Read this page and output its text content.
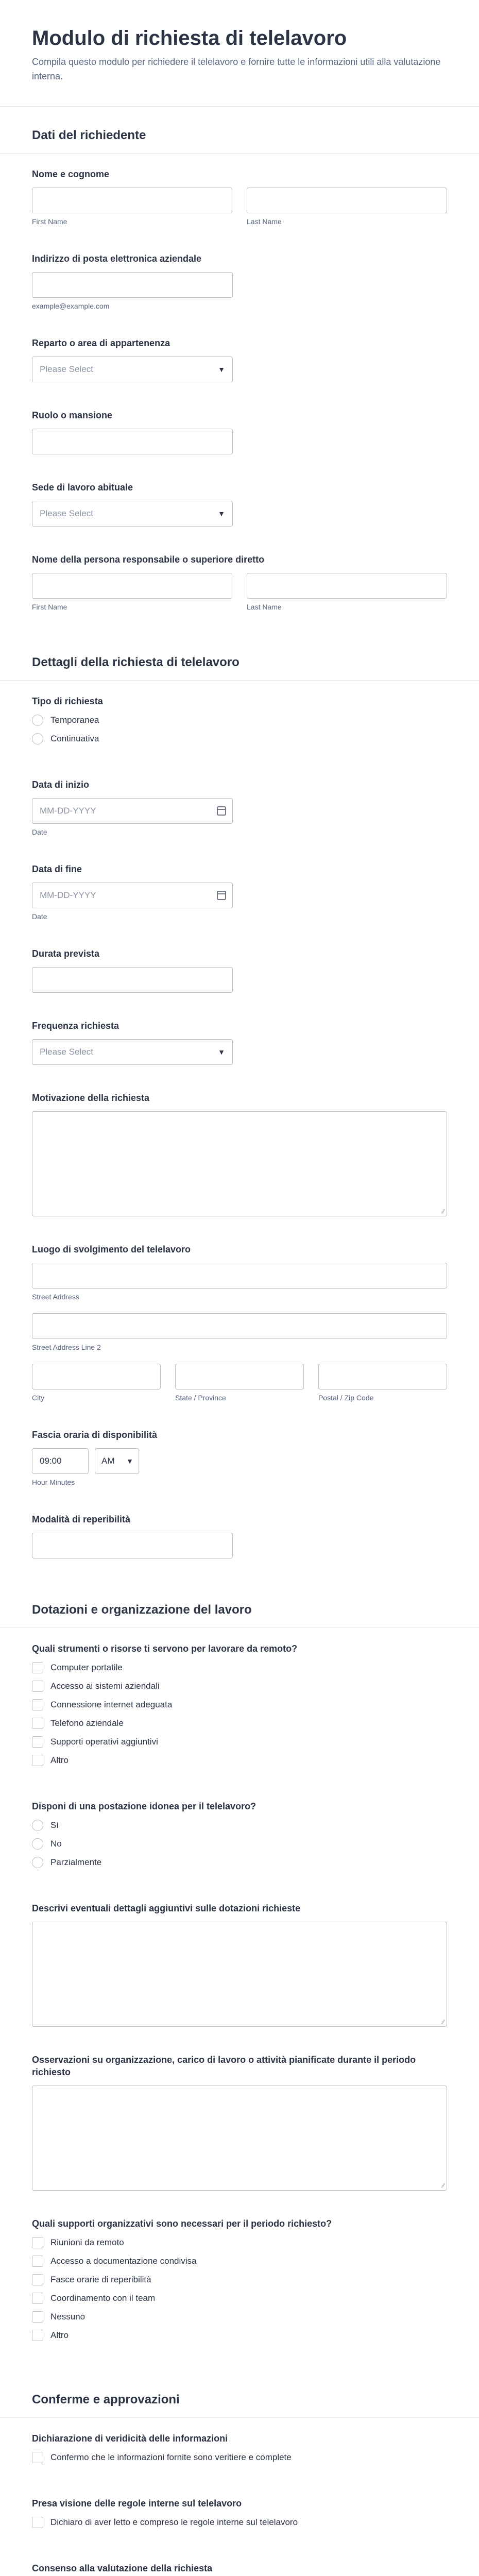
Modulo di richiesta di telelavoro

Compila questo modulo per richiedere il telelavoro e fornire tutte le informazioni utili alla valutazione interna.

Dati del richiedente
Nome e cognome
First Name	Last Name
Indirizzo di posta elettronica aziendale
example@example.com
Reparto o area di appartenenza
Please Select	▼
Ruolo o mansione
Sede di lavoro abituale
Please Select	▼
Nome della persona responsabile o superiore diretto
First Name	Last Name
Dettagli della richiesta di telelavoro
Tipo di richiesta
Temporanea
Continuativa
Data di inizio
MM-DD-YYYY
Date
Data di fine
MM-DD-YYYY
Date
Durata prevista
Frequenza richiesta
Please Select	▼
Motivazione della richiesta
∕∕
Luogo di svolgimento del telelavoro
Street Address
Street Address Line 2
City	State / Province	Postal / Zip Code
Fascia oraria di disponibilità
09:00	AM ▼
Hour Minutes
Modalità di reperibilità
Dotazioni e organizzazione del lavoro
Quali strumenti o risorse ti servono per lavorare da remoto?
Computer portatile
Accesso ai sistemi aziendali
Connessione internet adeguata
Telefono aziendale
Supporti operativi aggiuntivi
Altro
Disponi di una postazione idonea per il telelavoro?
Sì
No
Parzialmente
Descrivi eventuali dettagli aggiuntivi sulle dotazioni richieste
∕∕
Osservazioni su organizzazione, carico di lavoro o attività pianificate durante il periodo richiesto
∕∕
Quali supporti organizzativi sono necessari per il periodo richiesto?
Riunioni da remoto
Accesso a documentazione condivisa
Fasce orarie di reperibilità
Coordinamento con il team
Nessuno
Altro
Conferme e approvazioni
Dichiarazione di veridicità delle informazioni
Confermo che le informazioni fornite sono veritiere e complete
Presa visione delle regole interne sul telelavoro
Dichiaro di aver letto e compreso le regole interne sul telelavoro
Consenso alla valutazione della richiesta
